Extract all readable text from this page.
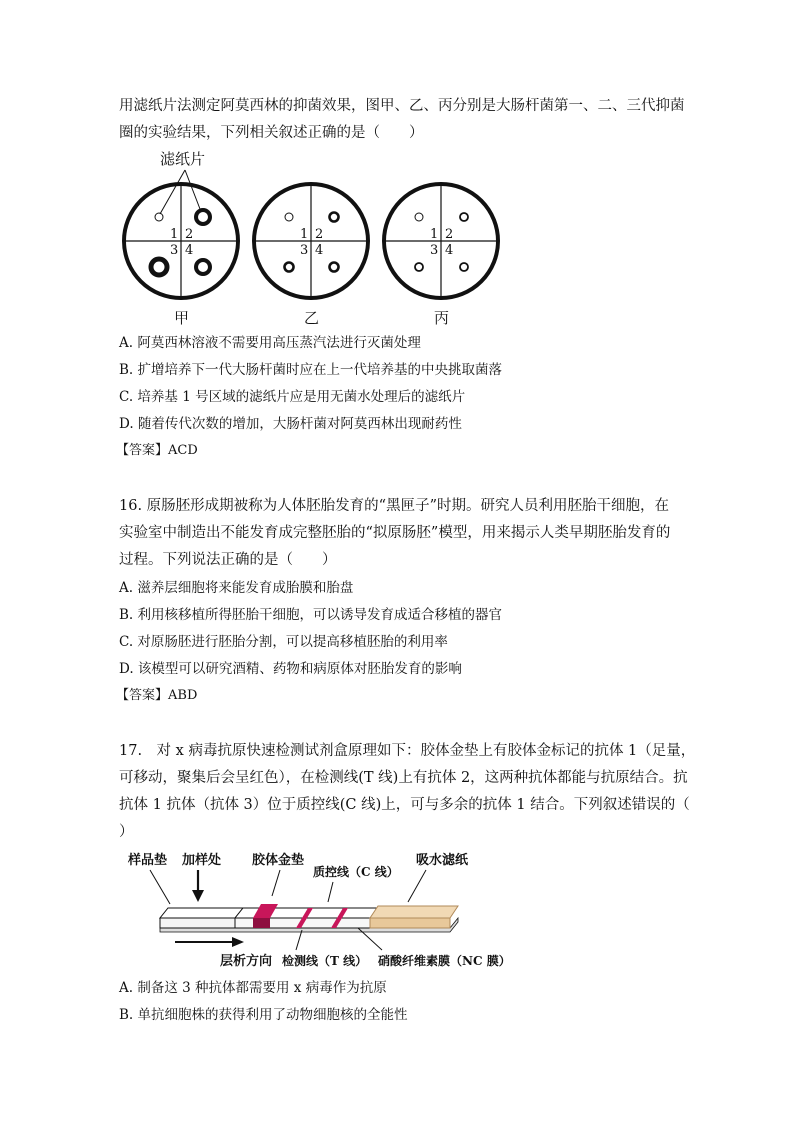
用滤纸片法测定阿莫西林的抑菌效果，图甲、乙、丙分别是大肠杆菌第一、二、三代抑菌
圈的实验结果，下列相关叙述正确的是（　　）
滤纸片
1 2
3 4
甲
1 2
3 4
乙
1 2
3 4
丙
A. 阿莫西林溶液不需要用高压蒸汽法进行灭菌处理
B. 扩增培养下一代大肠杆菌时应在上一代培养基的中央挑取菌落
C. 培养基 1 号区域的滤纸片应是用无菌水处理后的滤纸片
D. 随着传代次数的增加，大肠杆菌对阿莫西林出现耐药性
【答案】ACD
16. 原肠胚形成期被称为人体胚胎发育的“黑匣子”时期。研究人员利用胚胎干细胞，在
实验室中制造出不能发育成完整胚胎的“拟原肠胚”模型，用来揭示人类早期胚胎发育的
过程。下列说法正确的是（　　）
A. 滋养层细胞将来能发育成胎膜和胎盘
B. 利用核移植所得胚胎干细胞，可以诱导发育成适合移植的器官
C. 对原肠胚进行胚胎分割，可以提高移植胚胎的利用率
D. 该模型可以研究酒精、药物和病原体对胚胎发育的影响
【答案】ABD
17.　对 x 病毒抗原快速检测试剂盒原理如下：胶体金垫上有胶体金标记的抗体 1（足量，
可移动，聚集后会呈红色），在检测线(T 线)上有抗体 2，这两种抗体都能与抗原结合。抗
抗体 1 抗体（抗体 3）位于质控线(C 线)上，可与多余的抗体 1 结合。下列叙述错误的（
）
样品垫 加样处 胶体金垫
质控线（C 线）
吸水滤纸
层析方向 检测线（T 线） 硝酸纤维素膜（NC 膜）
A. 制备这 3 种抗体都需要用 x 病毒作为抗原
B. 单抗细胞株的获得利用了动物细胞核的全能性
